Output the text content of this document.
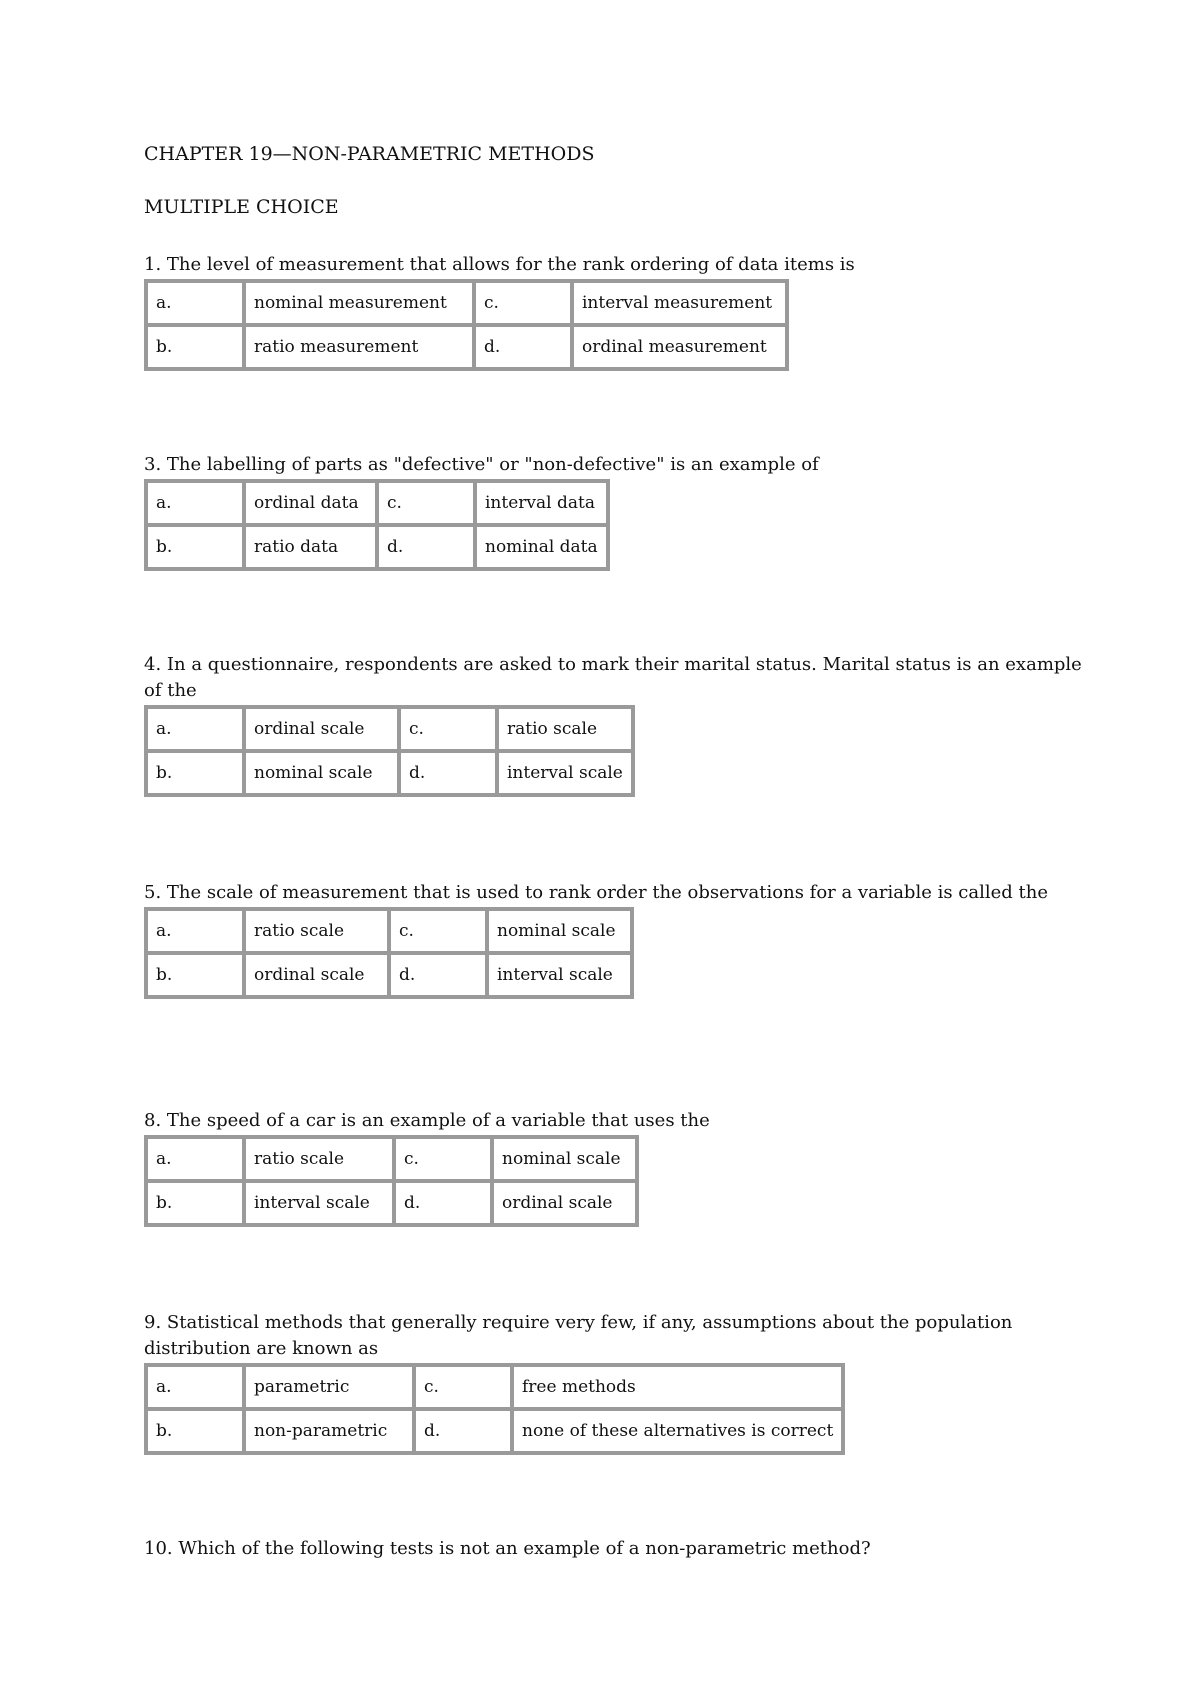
CHAPTER 19—NON-PARAMETRIC METHODS
MULTIPLE CHOICE

1. The level of measurement that allows for the rank ordering of data items is

a.	nominal measurement	c.	interval measurement
b.	ratio measurement	d.	ordinal measurement

3. The labelling of parts as "defective" or "non-defective" is an example of

a.	ordinal data	c.	interval data
b.	ratio data	d.	nominal data

4. In a questionnaire, respondents are asked to mark their marital status. Marital status is an example of the

a.	ordinal scale	c.	ratio scale
b.	nominal scale	d.	interval scale

5. The scale of measurement that is used to rank order the observations for a variable is called the

a.	ratio scale	c.	nominal scale
b.	ordinal scale	d.	interval scale

8. The speed of a car is an example of a variable that uses the

a.	ratio scale	c.	nominal scale
b.	interval scale	d.	ordinal scale

9. Statistical methods that generally require very few, if any, assumptions about the population distribution are known as

a.	parametric	c.	free methods
b.	non-parametric	d.	none of these alternatives is correct

10. Which of the following tests is not an example of a non-parametric method?
